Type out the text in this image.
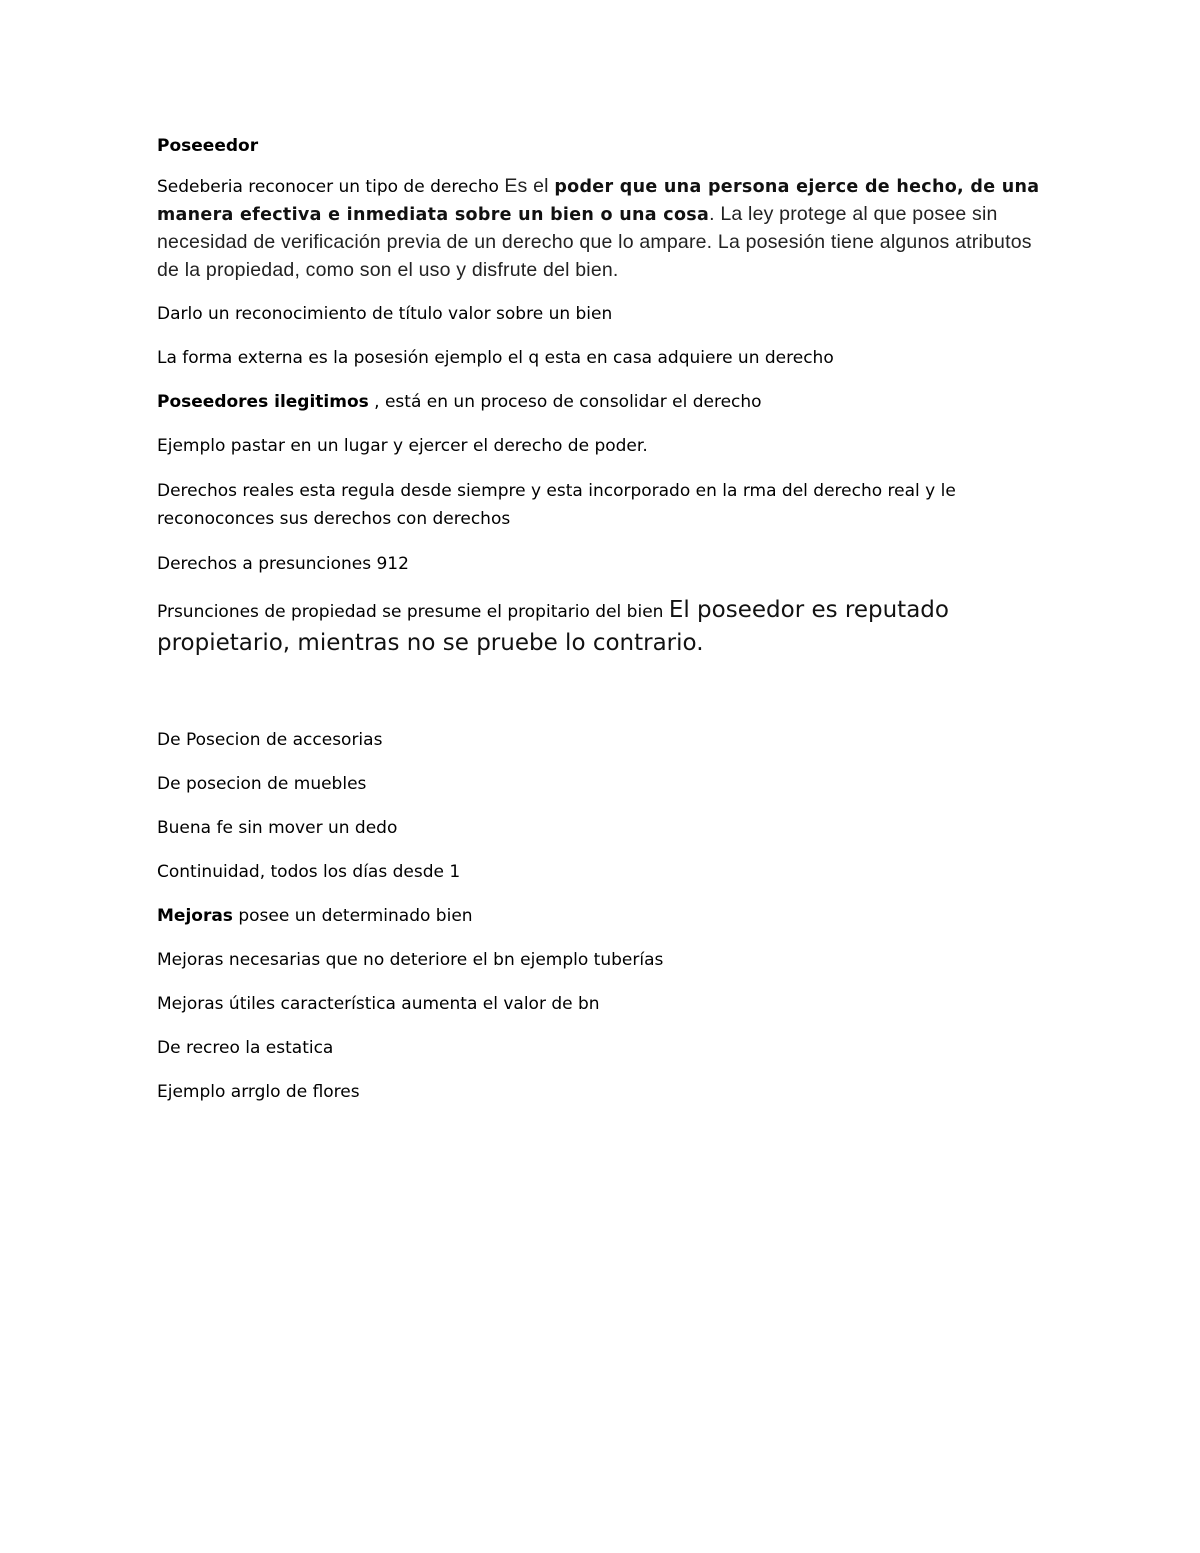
Poseeedor

Sedeberia reconocer un tipo de derecho Es el poder que una persona ejerce de hecho, de una manera efectiva e inmediata sobre un bien o una cosa. La ley protege al que posee sin necesidad de verificación previa de un derecho que lo ampare. La posesión tiene algunos atributos de la propiedad, como son el uso y disfrute del bien.

Darlo un reconocimiento de título valor sobre un bien

La forma externa es la posesión ejemplo el q esta en casa adquiere un derecho

Poseedores ilegitimos , está en un proceso de consolidar el derecho

Ejemplo pastar en un lugar y ejercer el derecho de poder.

Derechos reales esta regula desde siempre y esta incorporado en la rma del derecho real y le reconoconces sus derechos con derechos

Derechos a presunciones 912

Prsunciones de propiedad se presume el propitario del bien El poseedor es reputado propietario, mientras no se pruebe lo contrario.

De Posecion de accesorias

De posecion de muebles

Buena fe sin mover un dedo

Continuidad, todos los días desde 1

Mejoras posee un determinado bien

Mejoras necesarias que no deteriore el bn ejemplo tuberías

Mejoras útiles característica aumenta el valor de bn

De recreo la estatica

Ejemplo arrglo de flores
